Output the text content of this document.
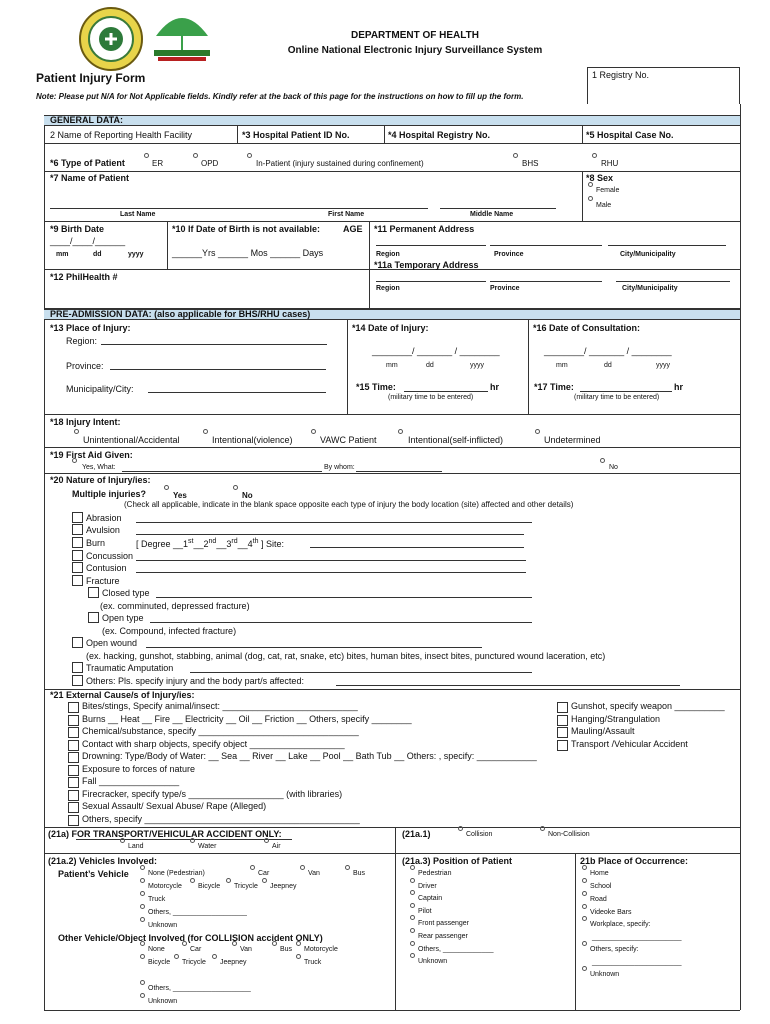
DEPARTMENT OF HEALTH
Online National Electronic Injury Surveillance System
Patient Injury Form	1 Registry No.
Note: Please put N/A for Not Applicable fields. Kindly refer at the back of this page for the instructions on how to fill up the form.
GENERAL DATA:
2 Name of Reporting Health Facility	*3 Hospital Patient ID No.	*4 Hospital Registry No.	*5 Hospital Case No.
*6 Type of Patient	ER	OPD	In-Patient (injury sustained during confinement)	BHS	RHU
*7 Name of Patient
Last Name	First Name	Middle Name
*8 Sex
Female
Male
*9 Birth Date
____/____/______
mm	dd	yyyy
*10 If Date of Birth is not available:	AGE
______Yrs ______ Mos ______ Days
*11 Permanent Address
Region	Province	City/Municipality
*11a Temporary Address
*12 PhilHealth #
Region	Province	City/Municipality
PRE-ADMISSION DATA: (also applicable for BHS/RHU cases)
*13 Place of Injury:
Region:
Province:
Municipality/City:
*14 Date of Injury:
________/ _______ / ________
mm	dd	yyyy
*15 Time:	hr
(military time to be entered)
*16 Date of Consultation:
________/ _______ / ________
mm	dd	yyyy
*17 Time:	hr
(military time to be entered)
*18 Injury Intent:
Unintentional/Accidental	Intentional(violence)	VAWC Patient	Intentional(self-inflicted)	Undetermined
*19 First Aid Given:
Yes, What:	By whom:	No
*20 Nature of Injury/ies:
Multiple injuries?	Yes	No
(Check all applicable, indicate in the blank space opposite each type of injury the body location (site) affected and other details)
Abrasion
Avulsion
Burn	[ Degree __1st__2nd__3rd__4th ] Site:
Concussion
Contusion
Fracture
Closed type
(ex. comminuted, depressed fracture)
Open type
(ex. Compound, infected fracture)
Open wound
(ex. hacking, gunshot, stabbing, animal (dog, cat, rat, snake, etc) bites, human bites, insect bites, punctured wound laceration, etc)
Traumatic Amputation
Others: Pls. specify injury and the body part/s affected:
*21 External Cause/s of Injury/ies:
Bites/stings, Specify animal/insect: ___________________________
Burns __ Heat __ Fire __ Electricity __ Oil __ Friction __ Others, specify ________
Chemical/substance, specify ________________________________
Contact with sharp objects, specify object ___________________
Drowning: Type/Body of Water: __ Sea __ River __ Lake __ Pool __ Bath Tub __ Others: , specify: ____________
Exposure to forces of nature
Fall ________________
Firecracker, specify type/s ___________________ (with libraries)
Sexual Assault/ Sexual Abuse/ Rape (Alleged)
Others, specify ___________________________________________
Gunshot, specify weapon __________
Hanging/Strangulation
Mauling/Assault
Transport /Vehicular Accident
(21a) FOR TRANSPORT/VEHICULAR ACCIDENT ONLY:
Land	Water	Air
(21a.1)	Collision	Non-Collision
(21a.2) Vehicles Involved:
Patient’s Vehicle	None (Pedestrian)	Car	Van	Bus
Motorcycle Bicycle Tricycle Jeepney
Truck
Others, ___________________
Unknown
Other Vehicle/Object Involved (for COLLISION accident ONLY)
None	Car	Van	Bus Motorcycle
Bicycle Tricycle Jeepney	Truck
Others, ____________________
Unknown
(21a.3) Position of Patient
Pedestrian
Driver
Captain
Pilot
Front passenger
Rear passenger
Others, _____________
Unknown
21b Place of Occurrence:
Home
School
Road
Videoke Bars
Workplace, specify:
_______________________
Others, specify:
_______________________
Unknown
